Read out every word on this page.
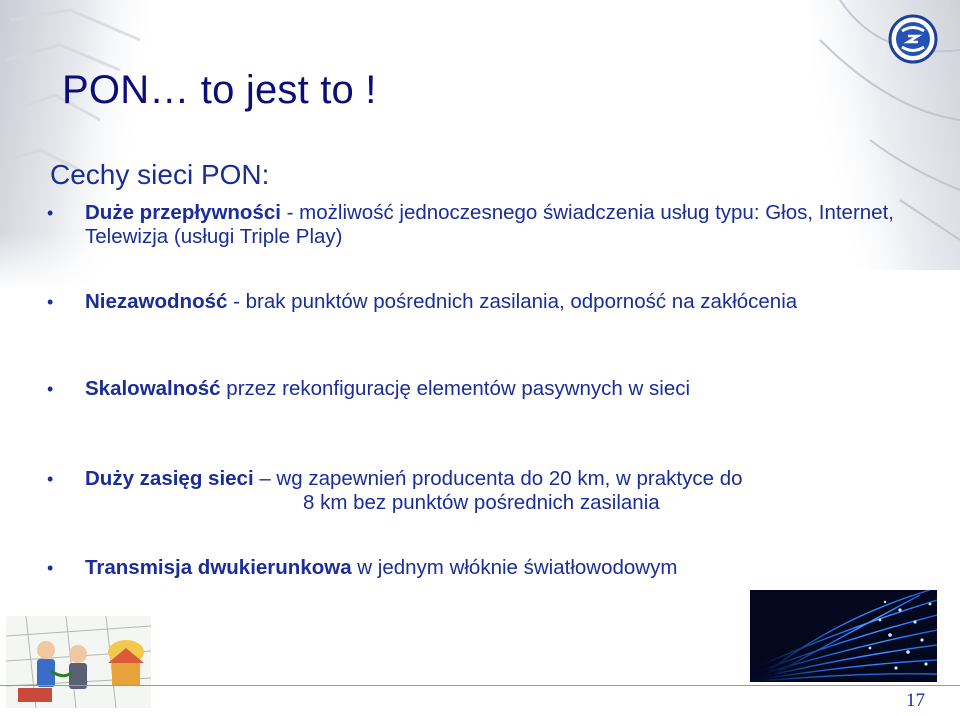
PON… to jest to !
Cechy sieci PON:
• Duże przepływności - możliwość jednoczesnego świadczenia usług typu: Głos, Internet, Telewizja (usługi Triple Play)
• Niezawodność - brak punktów pośrednich zasilania, odporność na zakłócenia
• Skalowalność przez rekonfigurację elementów pasywnych w sieci
• Duży zasięg sieci – wg zapewnień producenta do 20 km, w praktyce do
8 km bez punktów pośrednich zasilania
• Transmisja dwukierunkowa w jednym włóknie światłowodowym
17
